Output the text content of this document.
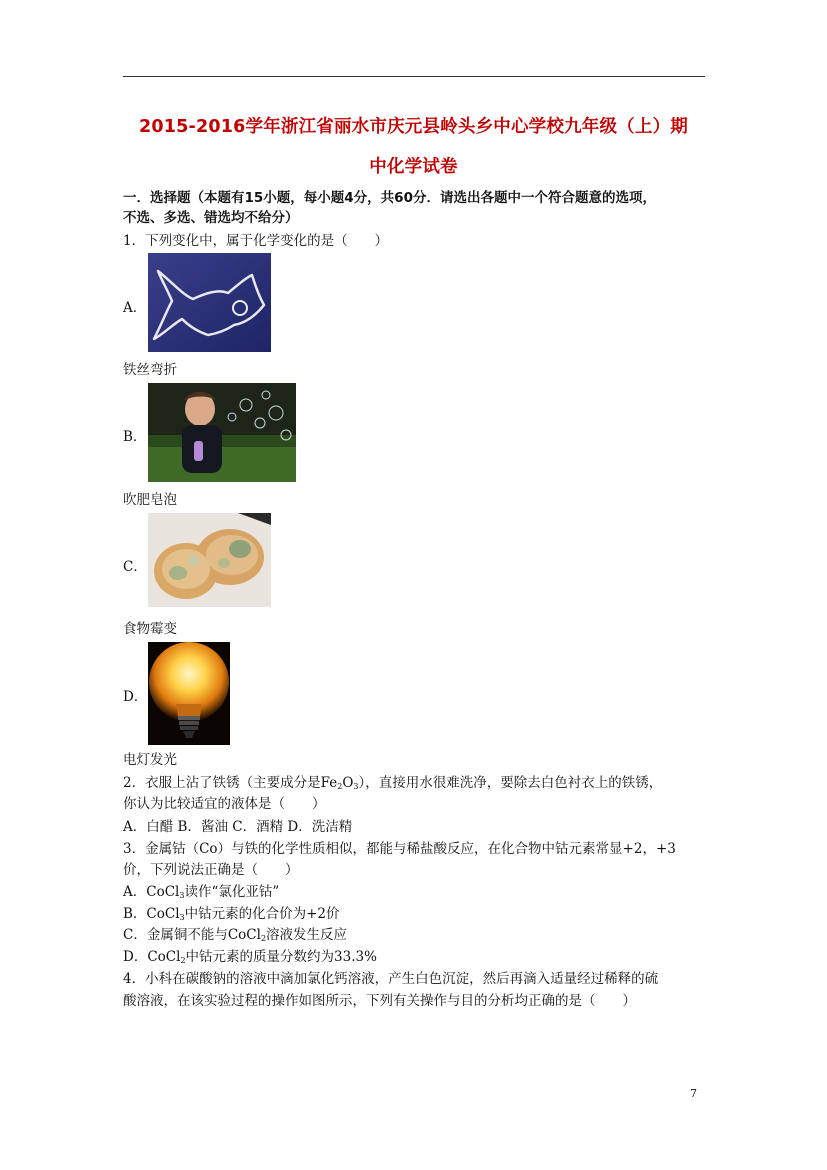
2015-2016学年浙江省丽水市庆元县岭头乡中心学校九年级（上）期
中化学试卷
一．选择题（本题有15小题，每小题4分，共60分．请选出各题中一个符合题意的选项，
不选、多选、错选均不给分）
1．下列变化中，属于化学变化的是（　　）
A．
铁丝弯折
B．
吹肥皂泡
C．
食物霉变
D．
电灯发光
2．衣服上沾了铁锈（主要成分是$Fe_2O_3$），直接用水很难洗净，要除去白色衬衣上的铁锈，
你认为比较适宜的液体是（　　）
A．白醋 B．酱油 C．酒精 D．洗洁精
3．金属钴（Co）与铁的化学性质相似，都能与稀盐酸反应，在化合物中钴元素常显+2，+3
价，下列说法正确是（　　）
A．CoCl$_3$读作“氯化亚钴”
B．CoCl$_3$中钴元素的化合价为+2价
C．金属铜不能与CoCl$_2$溶液发生反应
D．CoCl$_2$中钴元素的质量分数约为33.3%
4．小科在碳酸钠的溶液中滴加氯化钙溶液，产生白色沉淀，然后再滴入适量经过稀释的硫
酸溶液，在该实验过程的操作如图所示，下列有关操作与目的分析均正确的是（　　）
7
